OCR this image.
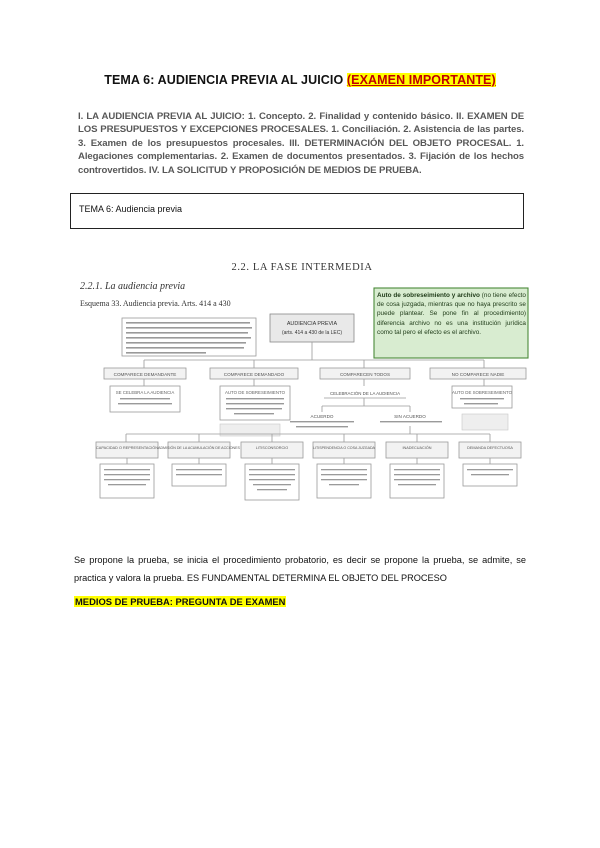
TEMA 6: AUDIENCIA PREVIA AL JUICIO (EXAMEN IMPORTANTE)
I. LA AUDIENCIA PREVIA AL JUICIO: 1. Concepto. 2. Finalidad y contenido básico. II. EXAMEN DE LOS PRESUPUESTOS Y EXCEPCIONES PROCESALES. 1. Conciliación. 2. Asistencia de las partes. 3. Examen de los presupuestos procesales. III. DETERMINACIÓN DEL OBJETO PROCESAL. 1. Alegaciones complementarias. 2. Examen de documentos presentados. 3. Fijación de los hechos controvertidos. IV. LA SOLICITUD Y PROPOSICIÓN DE MEDIOS DE PRUEBA.
TEMA 6: Audiencia previa
2.2. LA FASE INTERMEDIA
2.2.1. La audiencia previa
Esquema 33. Audiencia previa. Arts. 414 a 430
AUDIENCIA PREVIA
(arts. 414 a 430 de la LEC)
Auto de sobreseimiento y archivo (no tiene efecto de cosa juzgada, mientras que no haya prescrito se puede plantear. Se pone fin al procedimiento) diferencia archivo no es una institución jurídica como tal pero el efecto es el archivo.
COMPARECE DEMANDANTE	COMPARECE DEMANDADO	COMPARECEN TODOS	NO COMPARECE NADIE
SE CELEBRA LA AUDIENCIA	AUTO DE SOBRESEIMIENTO	CELEBRACIÓN DE LA AUDIENCIA	AUTO DE SOBRESEIMIENTO
ACUERDO	SIN ACUERDO
CAPACIDAD O REPRESENTACIÓN ADMISIÓN DE LA ACUMULACIÓN DE ACCIONES	LITISCONSORCIO	LITISPENDENCIA O COSA JUZGADA	INADECUACIÓN	DEMANDA DEFECTUOSA
Se propone la prueba, se inicia el procedimiento probatorio, es decir se propone la prueba, se admite, se practica y valora la prueba. ES FUNDAMENTAL DETERMINA EL OBJETO DEL PROCESO
MEDIOS DE PRUEBA: PREGUNTA DE EXAMEN
